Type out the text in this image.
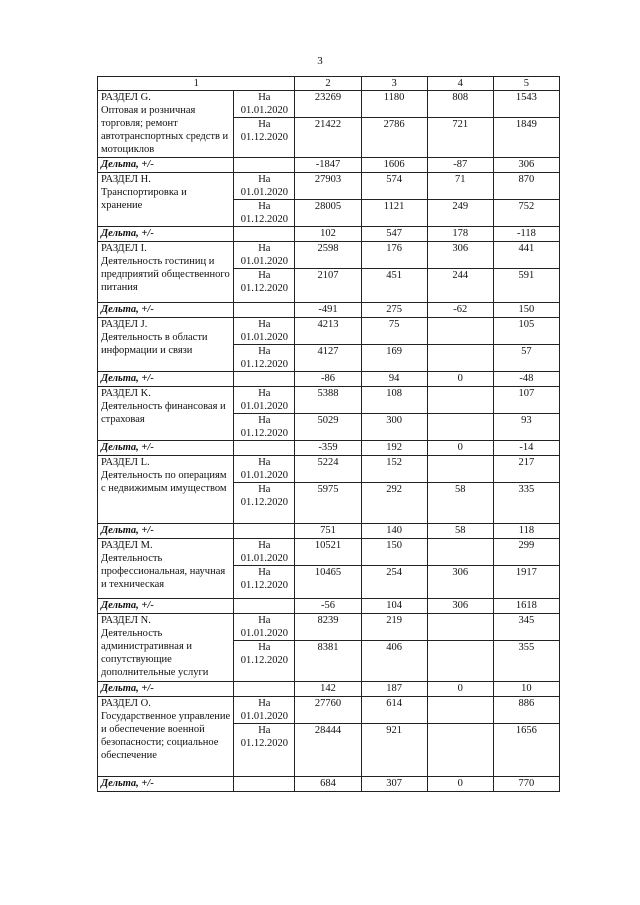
3
1		2	3	4	5

РАЗДЕЛ G.
Оптовая и розничная торговля; ремонт автотранспортных средств и мотоциклов	На 01.01.2020	23269	1180	808	1543
	На 01.12.2020	21422	2786	721	1849
Дельта, +/-		-1847	1606	-87	306

РАЗДЕЛ H.
Транспортировка и хранение	На 01.01.2020	27903	574	71	870
	На 01.12.2020	28005	1121	249	752
Дельта, +/-		102	547	178	-118

РАЗДЕЛ I.
Деятельность гостиниц и предприятий общественного питания	На 01.01.2020	2598	176	306	441
	На 01.12.2020	2107	451	244	591
Дельта, +/-		-491	275	-62	150

РАЗДЕЛ J.
Деятельность в области информации и связи	На 01.01.2020	4213	75		105
	На 01.12.2020	4127	169		57
Дельта, +/-		-86	94	0	-48

РАЗДЕЛ K.
Деятельность финансовая и страховая	На 01.01.2020	5388	108		107
	На 01.12.2020	5029	300		93
Дельта, +/-		-359	192	0	-14

РАЗДЕЛ L.
Деятельность по операциям с недвижимым имуществом	На 01.01.2020	5224	152		217
	На 01.12.2020	5975	292	58	335
Дельта, +/-		751	140	58	118

РАЗДЕЛ M.
Деятельность профессиональная, научная и техническая	На 01.01.2020	10521	150		299
	На 01.12.2020	10465	254	306	1917
Дельта, +/-		-56	104	306	1618

РАЗДЕЛ N.
Деятельность административная и сопутствующие дополнительные услуги	На 01.01.2020	8239	219		345
	На 01.12.2020	8381	406		355
Дельта, +/-		142	187	0	10

РАЗДЕЛ O.
Государственное управление и обеспечение военной безопасности; социальное обеспечение	На 01.01.2020	27760	614		886
	На 01.12.2020	28444	921		1656
Дельта, +/-		684	307	0	770
